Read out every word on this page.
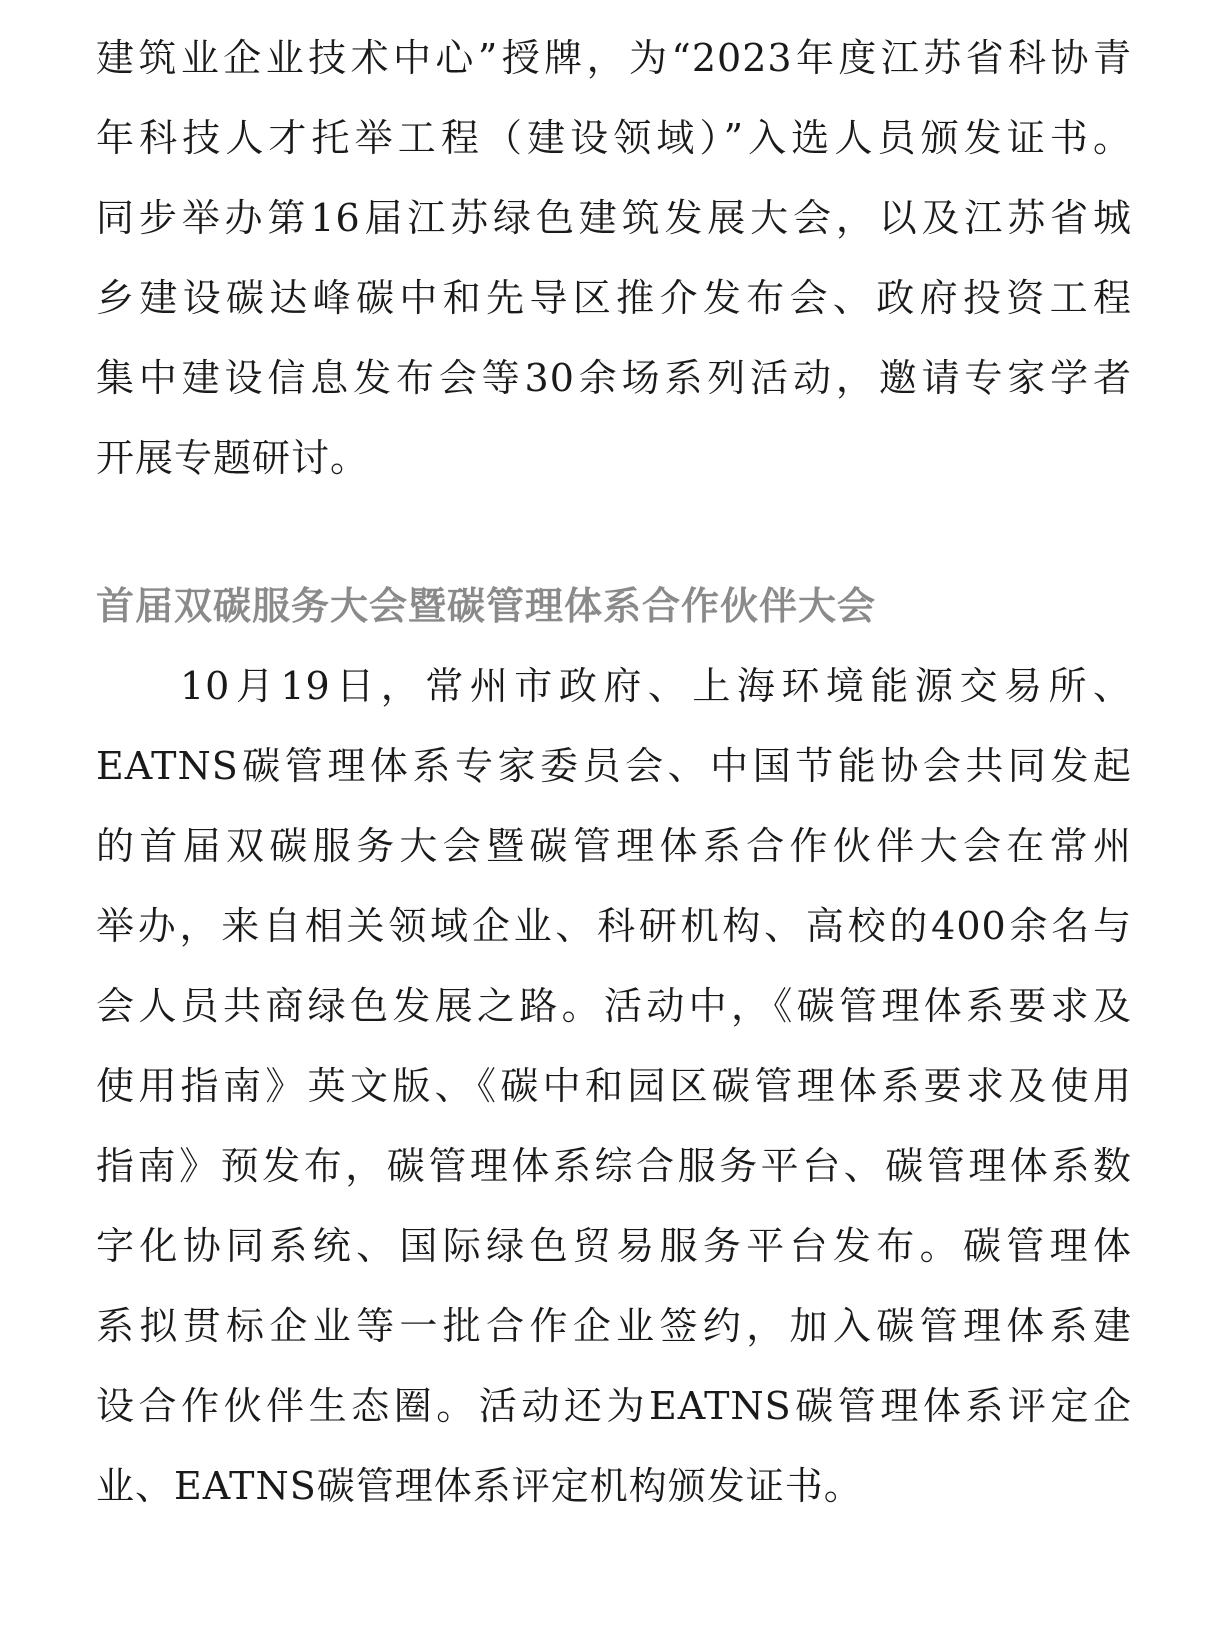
建筑业企业技术中心”授牌，为“2023年度江苏省科协青
年科技人才托举工程（建设领域）”入选人员颁发证书。
同步举办第16届江苏绿色建筑发展大会，以及江苏省城
乡建设碳达峰碳中和先导区推介发布会、政府投资工程
集中建设信息发布会等30余场系列活动，邀请专家学者
开展专题研讨。
首届双碳服务大会暨碳管理体系合作伙伴大会
10月19日，常州市政府、上海环境能源交易所、
EATNS碳管理体系专家委员会、中国节能协会共同发起
的首届双碳服务大会暨碳管理体系合作伙伴大会在常州
举办，来自相关领域企业、科研机构、高校的400余名与
会人员共商绿色发展之路。活动中，《碳管理体系要求及
使用指南》英文版、《碳中和园区碳管理体系要求及使用
指南》预发布，碳管理体系综合服务平台、碳管理体系数
字化协同系统、国际绿色贸易服务平台发布。碳管理体
系拟贯标企业等一批合作企业签约，加入碳管理体系建
设合作伙伴生态圈。活动还为EATNS碳管理体系评定企
业、EATNS碳管理体系评定机构颁发证书。
